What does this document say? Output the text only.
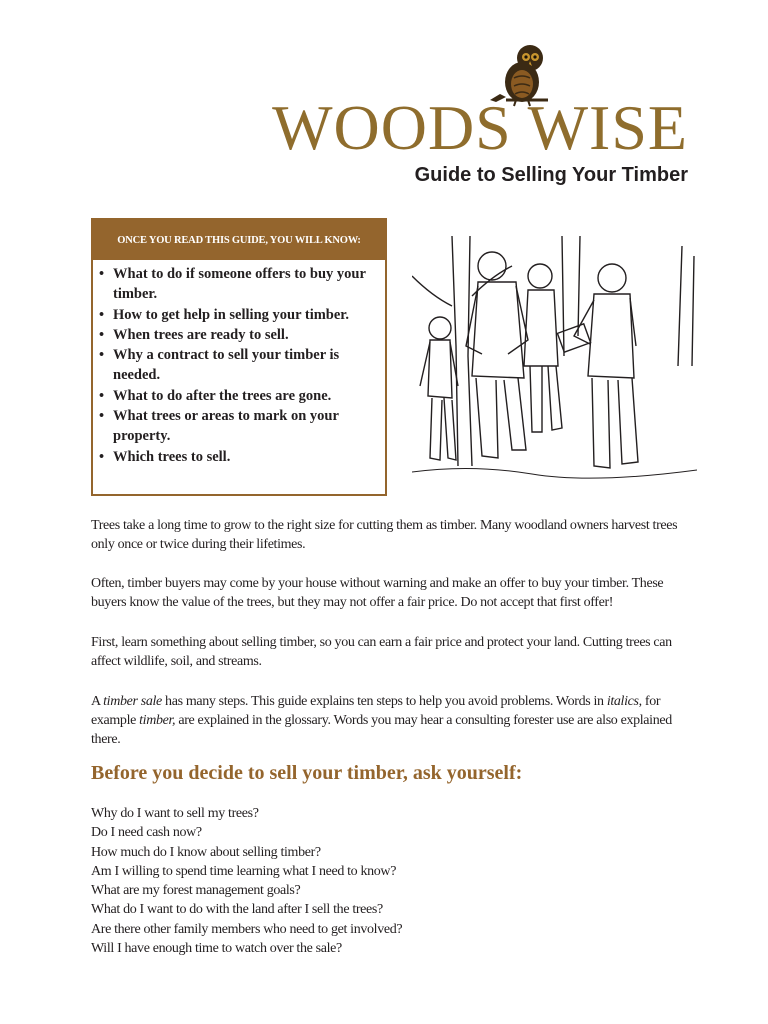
WOODS WISE
Guide to Selling Your Timber
ONCE YOU READ THIS GUIDE, YOU WILL KNOW:
• What to do if someone offers to buy your timber.
• How to get help in selling your timber.
• When trees are ready to sell.
• Why a contract to sell your timber is needed.
• What to do after the trees are gone.
• What trees or areas to mark on your property.
• Which trees to sell.

Trees take a long time to grow to the right size for cutting them as timber. Many woodland owners harvest trees only once or twice during their lifetimes.

Often, timber buyers may come by your house without warning and make an offer to buy your timber. These buyers know the value of the trees, but they may not offer a fair price. Do not accept that first offer!

First, learn something about selling timber, so you can earn a fair price and protect your land. Cutting trees can affect wildlife, soil, and streams.

A timber sale has many steps. This guide explains ten steps to help you avoid problems. Words in italics, for example timber, are explained in the glossary. Words you may hear a consulting forester use are also explained there.

Before you decide to sell your timber, ask yourself:
Why do I want to sell my trees?
Do I need cash now?
How much do I know about selling timber?
Am I willing to spend time learning what I need to know?
What are my forest management goals?
What do I want to do with the land after I sell the trees?
Are there other family members who need to get involved?
Will I have enough time to watch over the sale?
